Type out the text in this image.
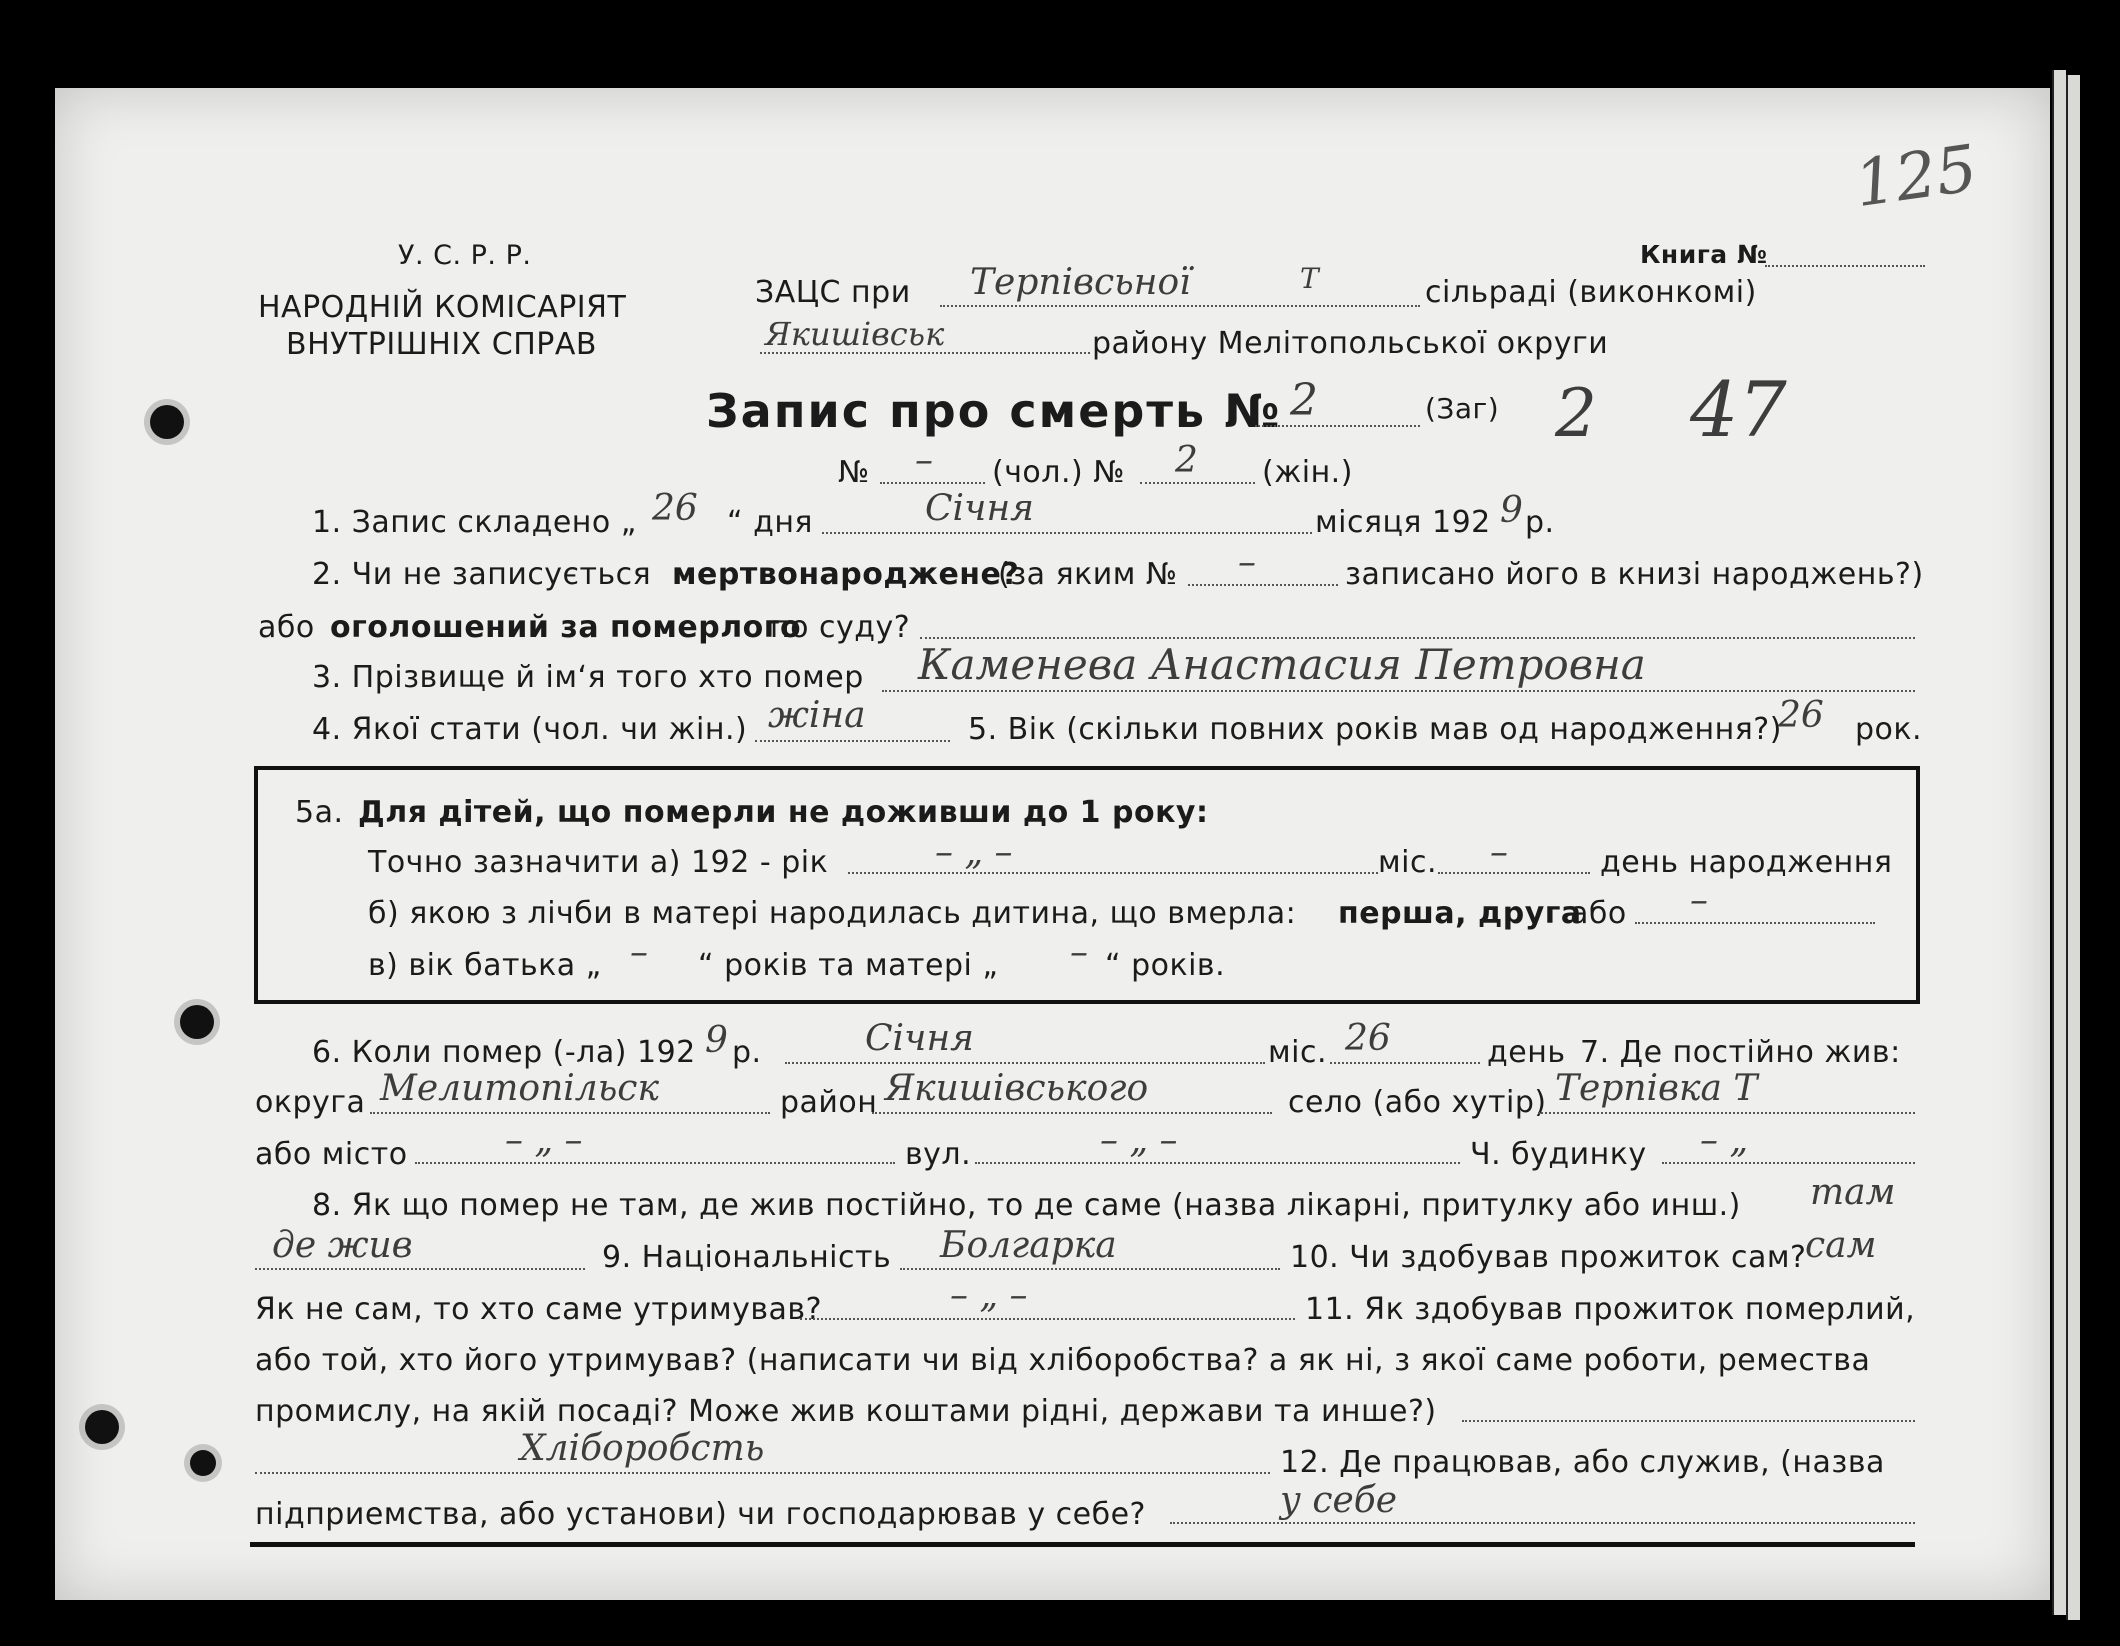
125
У. С. Р. Р.
НАРОДНІЙ КОМІСАРІЯТ
ВНУТРІШНІХ СПРАВ
Книга №
ЗАЦС при Терпівсьної	Т	сільраді (виконкомі)
Якишівськ	району Мелітопольської округи
Запис про смерть № 2	(Заг) 2 47
№ – (чол.) № 2 (жін.)
1. Запис складено „ 26 “ дня	Січня	місяця 192 9 р.
2. Чи не записується мертвонароджене?
(за яким № –	записано його в книзі народжень?)
або оголошений за померлого
по суду?
3. Прізвище й ім‘я того хто помер Каменева Анастасия Петровна
4. Якої стати (чол. чи жін.) жіна	5. Вік (скільки повних років мав од народження?)
26 рок.
5а. Для дітей, що померли не доживши до 1 року:
Точно зазначити а) 192 - рік	– „ –	міс. –	день народження
б) якою з лічби в матері народилась дитина, що вмерла: перша, друга
або –
в) вік батька „ – “ років та матері „ – “ років.
6. Коли помер (-ла) 192 9 р.	Січня	міс. 26	день 7. Де постійно жив:
округа Мелитопільск	район Якишівського	село (або хутір) Терпівка Т
або місто	– „ –	вул.	– „ –	Ч. будинку – „
8. Як що помер не там, де жив постійно, то де саме (назва лікарні, притулку або инш.) там
де жив	9. Національність Болгарка	10. Чи здобував прожиток сам?
сам
Як не сам, то хто саме утримував?	– „ –	11. Як здобував прожиток померлий,
або той, хто його утримував? (написати чи від хліборобства? а як ні, з якої саме роботи, ремества
промислу, на якій посаді? Може жив коштами рідні, держави та инше?)
Хліборобсть	12. Де працював, або служив, (назва
підприемства, або установи) чи господарював у себе?	у себе
